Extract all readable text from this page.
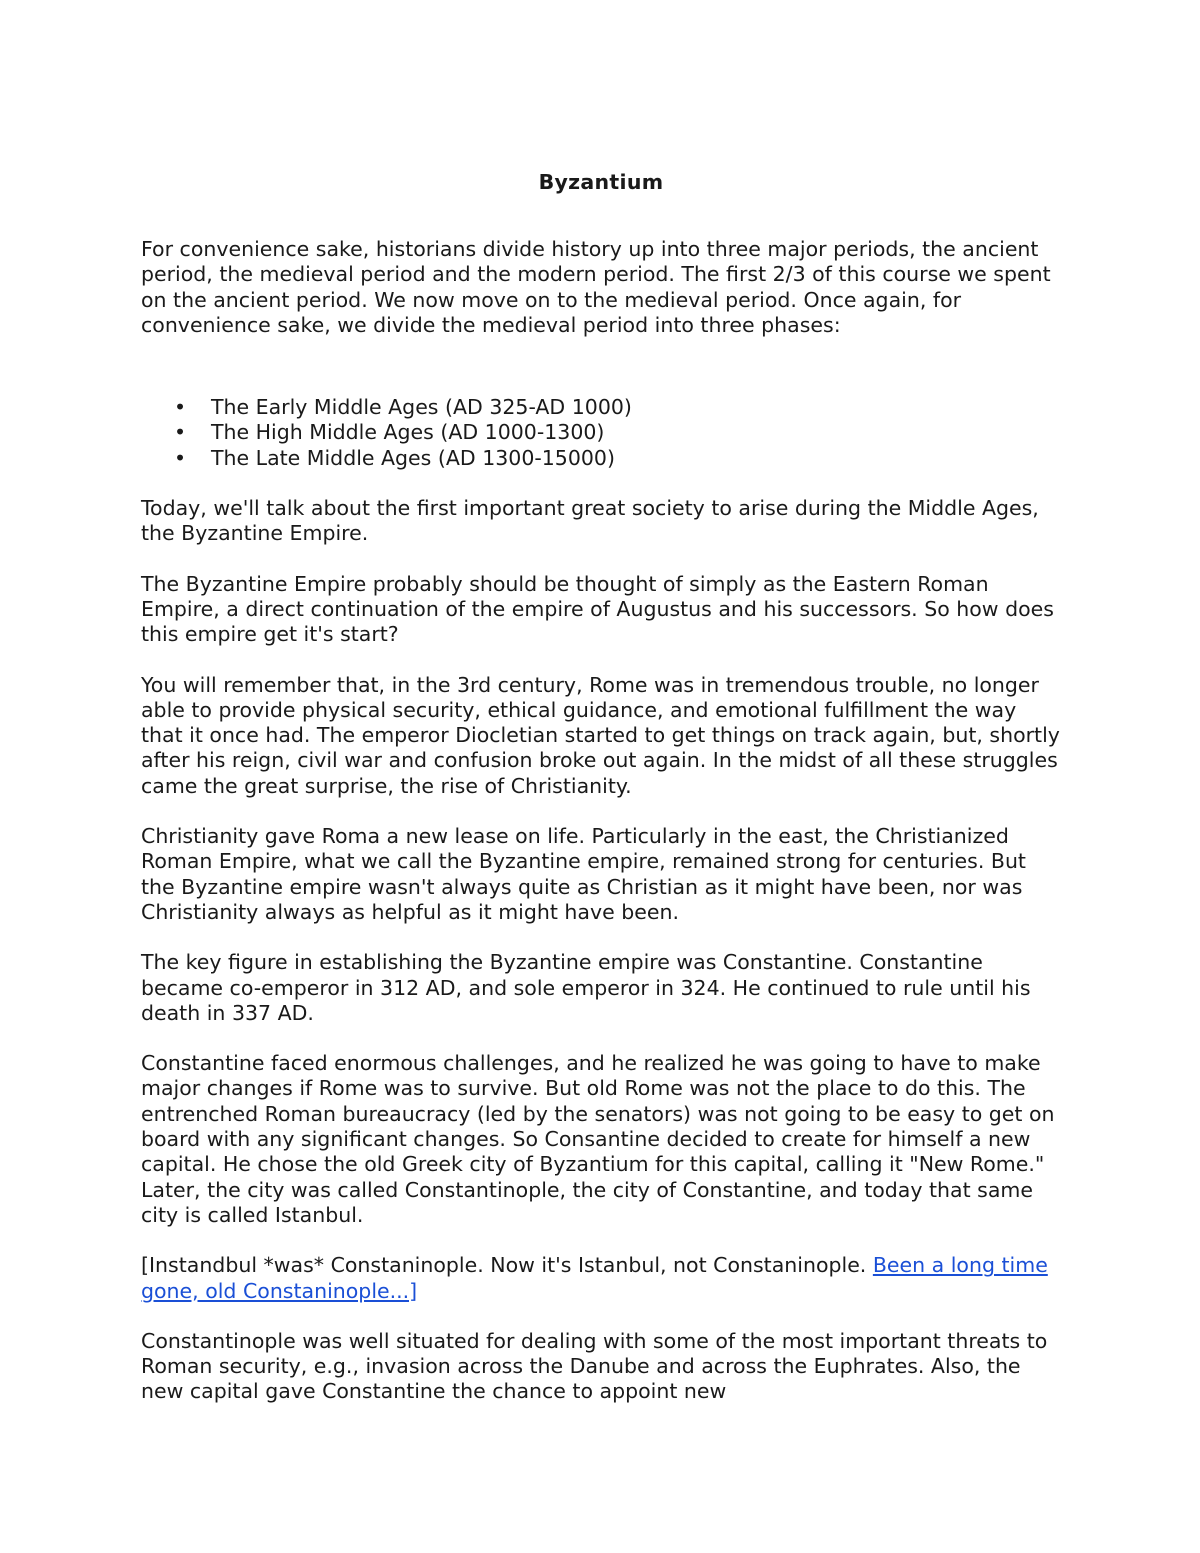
Byzantium

For convenience sake, historians divide history up into three major periods, the ancient period, the medieval period and the modern period. The first 2/3 of this course we spent on the ancient period. We now move on to the medieval period. Once again, for convenience sake, we divide the medieval period into three phases:

• The Early Middle Ages (AD 325-AD 1000)
• The High Middle Ages (AD 1000-1300)
• The Late Middle Ages (AD 1300-15000)

Today, we'll talk about the first important great society to arise during the Middle Ages, the Byzantine Empire.

The Byzantine Empire probably should be thought of simply as the Eastern Roman Empire, a direct continuation of the empire of Augustus and his successors. So how does this empire get it's start?

You will remember that, in the 3rd century, Rome was in tremendous trouble, no longer able to provide physical security, ethical guidance, and emotional fulfillment the way that it once had. The emperor Diocletian started to get things on track again, but, shortly after his reign, civil war and confusion broke out again. In the midst of all these struggles came the great surprise, the rise of Christianity.

Christianity gave Roma a new lease on life. Particularly in the east, the Christianized Roman Empire, what we call the Byzantine empire, remained strong for centuries. But the Byzantine empire wasn't always quite as Christian as it might have been, nor was Christianity always as helpful as it might have been.

The key figure in establishing the Byzantine empire was Constantine. Constantine became co-emperor in 312 AD, and sole emperor in 324. He continued to rule until his death in 337 AD.

Constantine faced enormous challenges, and he realized he was going to have to make major changes if Rome was to survive. But old Rome was not the place to do this. The entrenched Roman bureaucracy (led by the senators) was not going to be easy to get on board with any significant changes. So Consantine decided to create for himself a new capital. He chose the old Greek city of Byzantium for this capital, calling it "New Rome." Later, the city was called Constantinople, the city of Constantine, and today that same city is called Istanbul.

[Instandbul *was* Constaninople. Now it's Istanbul, not Constaninople. Been a long time gone, old Constaninople...]

Constantinople was well situated for dealing with some of the most important threats to Roman security, e.g., invasion across the Danube and across the Euphrates. Also, the new capital gave Constantine the chance to appoint new
